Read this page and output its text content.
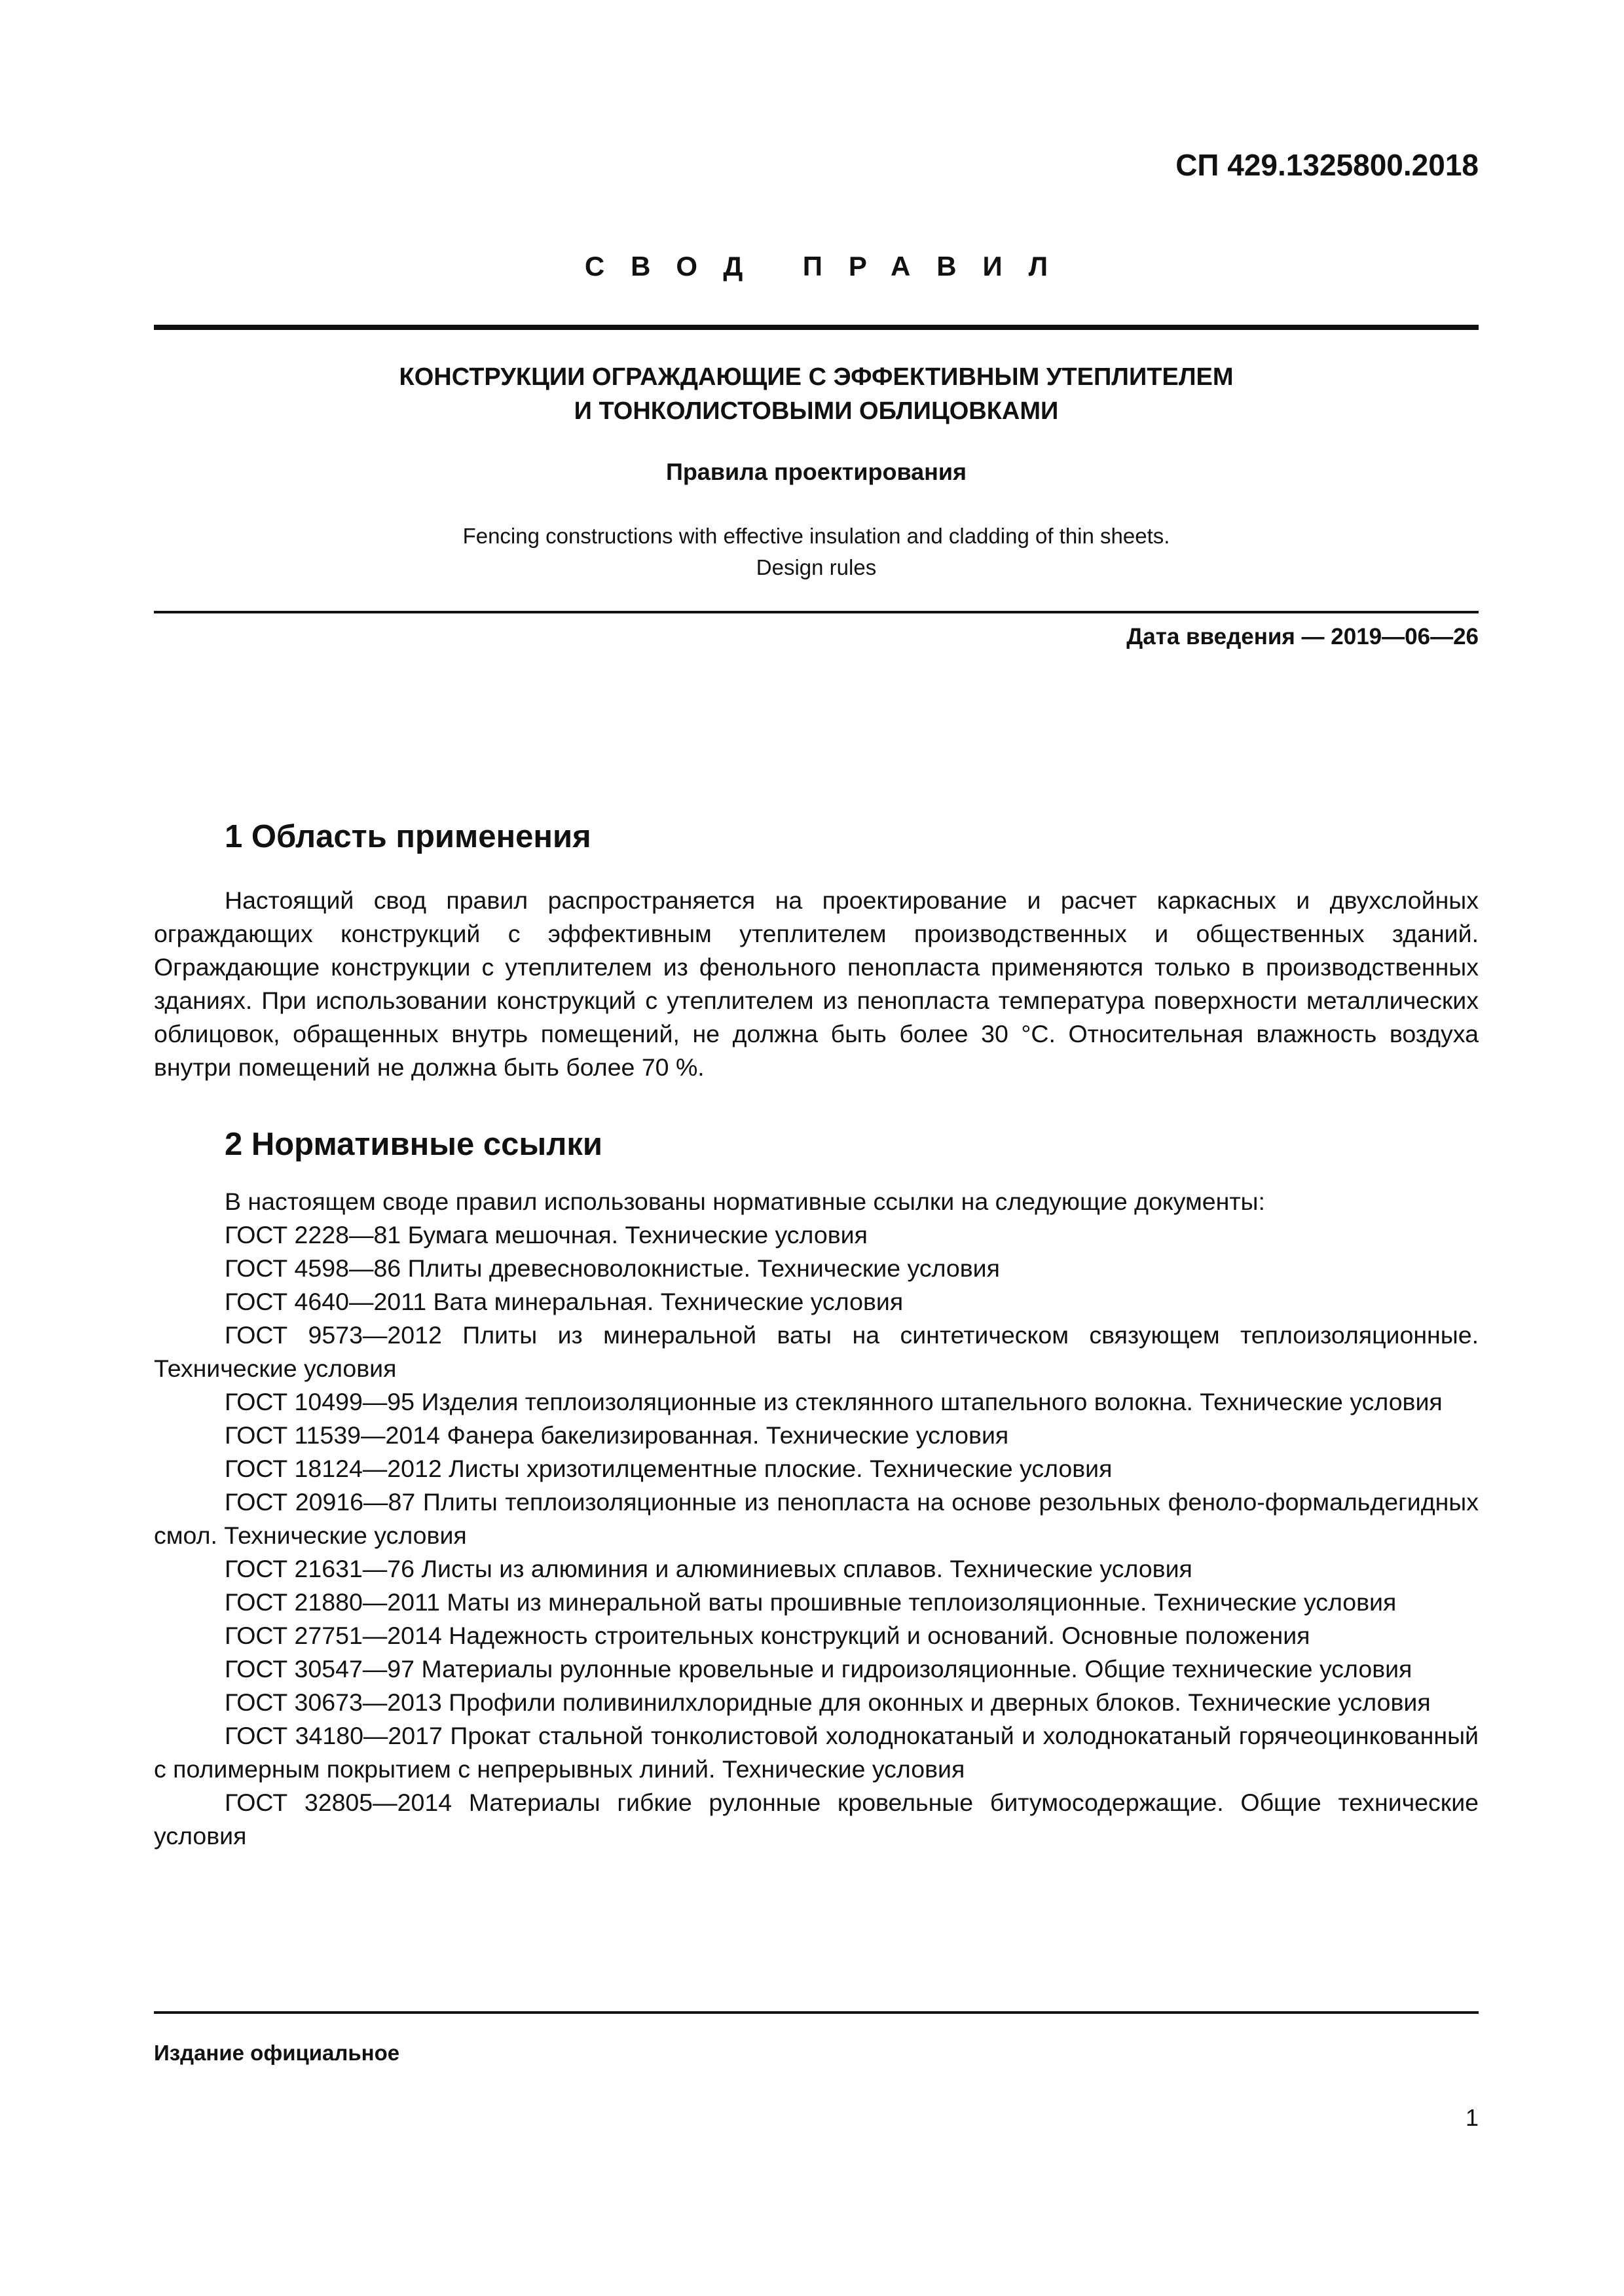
СП 429.1325800.2018
СВОД ПРАВИЛ
КОНСТРУКЦИИ ОГРАЖДАЮЩИЕ С ЭФФЕКТИВНЫМ УТЕПЛИТЕЛЕМ
И ТОНКОЛИСТОВЫМИ ОБЛИЦОВКАМИ
Правила проектирования
Fencing constructions with effective insulation and cladding of thin sheets.
Design rules
Дата введения — 2019—06—26
1 Область применения

Настоящий свод правил распространяется на проектирование и расчет каркасных и двухслойных ограждающих конструкций с эффективным утеплителем производственных и общественных зданий. Ограждающие конструкции с утеплителем из фенольного пенопласта применяются только в производственных зданиях. При использовании конструкций с утеплителем из пенопласта температура поверхности металлических облицовок, обращенных внутрь помещений, не должна быть более 30 °С. Относительная влажность воздуха внутри помещений не должна быть более 70 %.

2 Нормативные ссылки

В настоящем своде правил использованы нормативные ссылки на следующие документы:

ГОСТ 2228—81 Бумага мешочная. Технические условия

ГОСТ 4598—86 Плиты древесноволокнистые. Технические условия

ГОСТ 4640—2011 Вата минеральная. Технические условия

ГОСТ 9573—2012 Плиты из минеральной ваты на синтетическом связующем теплоизоляционные. Технические условия

ГОСТ 10499—95 Изделия теплоизоляционные из стеклянного штапельного волокна. Технические условия

ГОСТ 11539—2014 Фанера бакелизированная. Технические условия

ГОСТ 18124—2012 Листы хризотилцементные плоские. Технические условия

ГОСТ 20916—87 Плиты теплоизоляционные из пенопласта на основе резольных феноло-формальдегидных смол. Технические условия

ГОСТ 21631—76 Листы из алюминия и алюминиевых сплавов. Технические условия

ГОСТ 21880—2011 Маты из минеральной ваты прошивные теплоизоляционные. Технические условия

ГОСТ 27751—2014 Надежность строительных конструкций и оснований. Основные положения

ГОСТ 30547—97 Материалы рулонные кровельные и гидроизоляционные. Общие технические условия

ГОСТ 30673—2013 Профили поливинилхлоридные для оконных и дверных блоков. Технические условия

ГОСТ 34180—2017 Прокат стальной тонколистовой холоднокатаный и холоднокатаный горячеоцинкованный с полимерным покрытием с непрерывных линий. Технические условия

ГОСТ 32805—2014 Материалы гибкие рулонные кровельные битумосодержащие. Общие технические условия

Издание официальное
1
